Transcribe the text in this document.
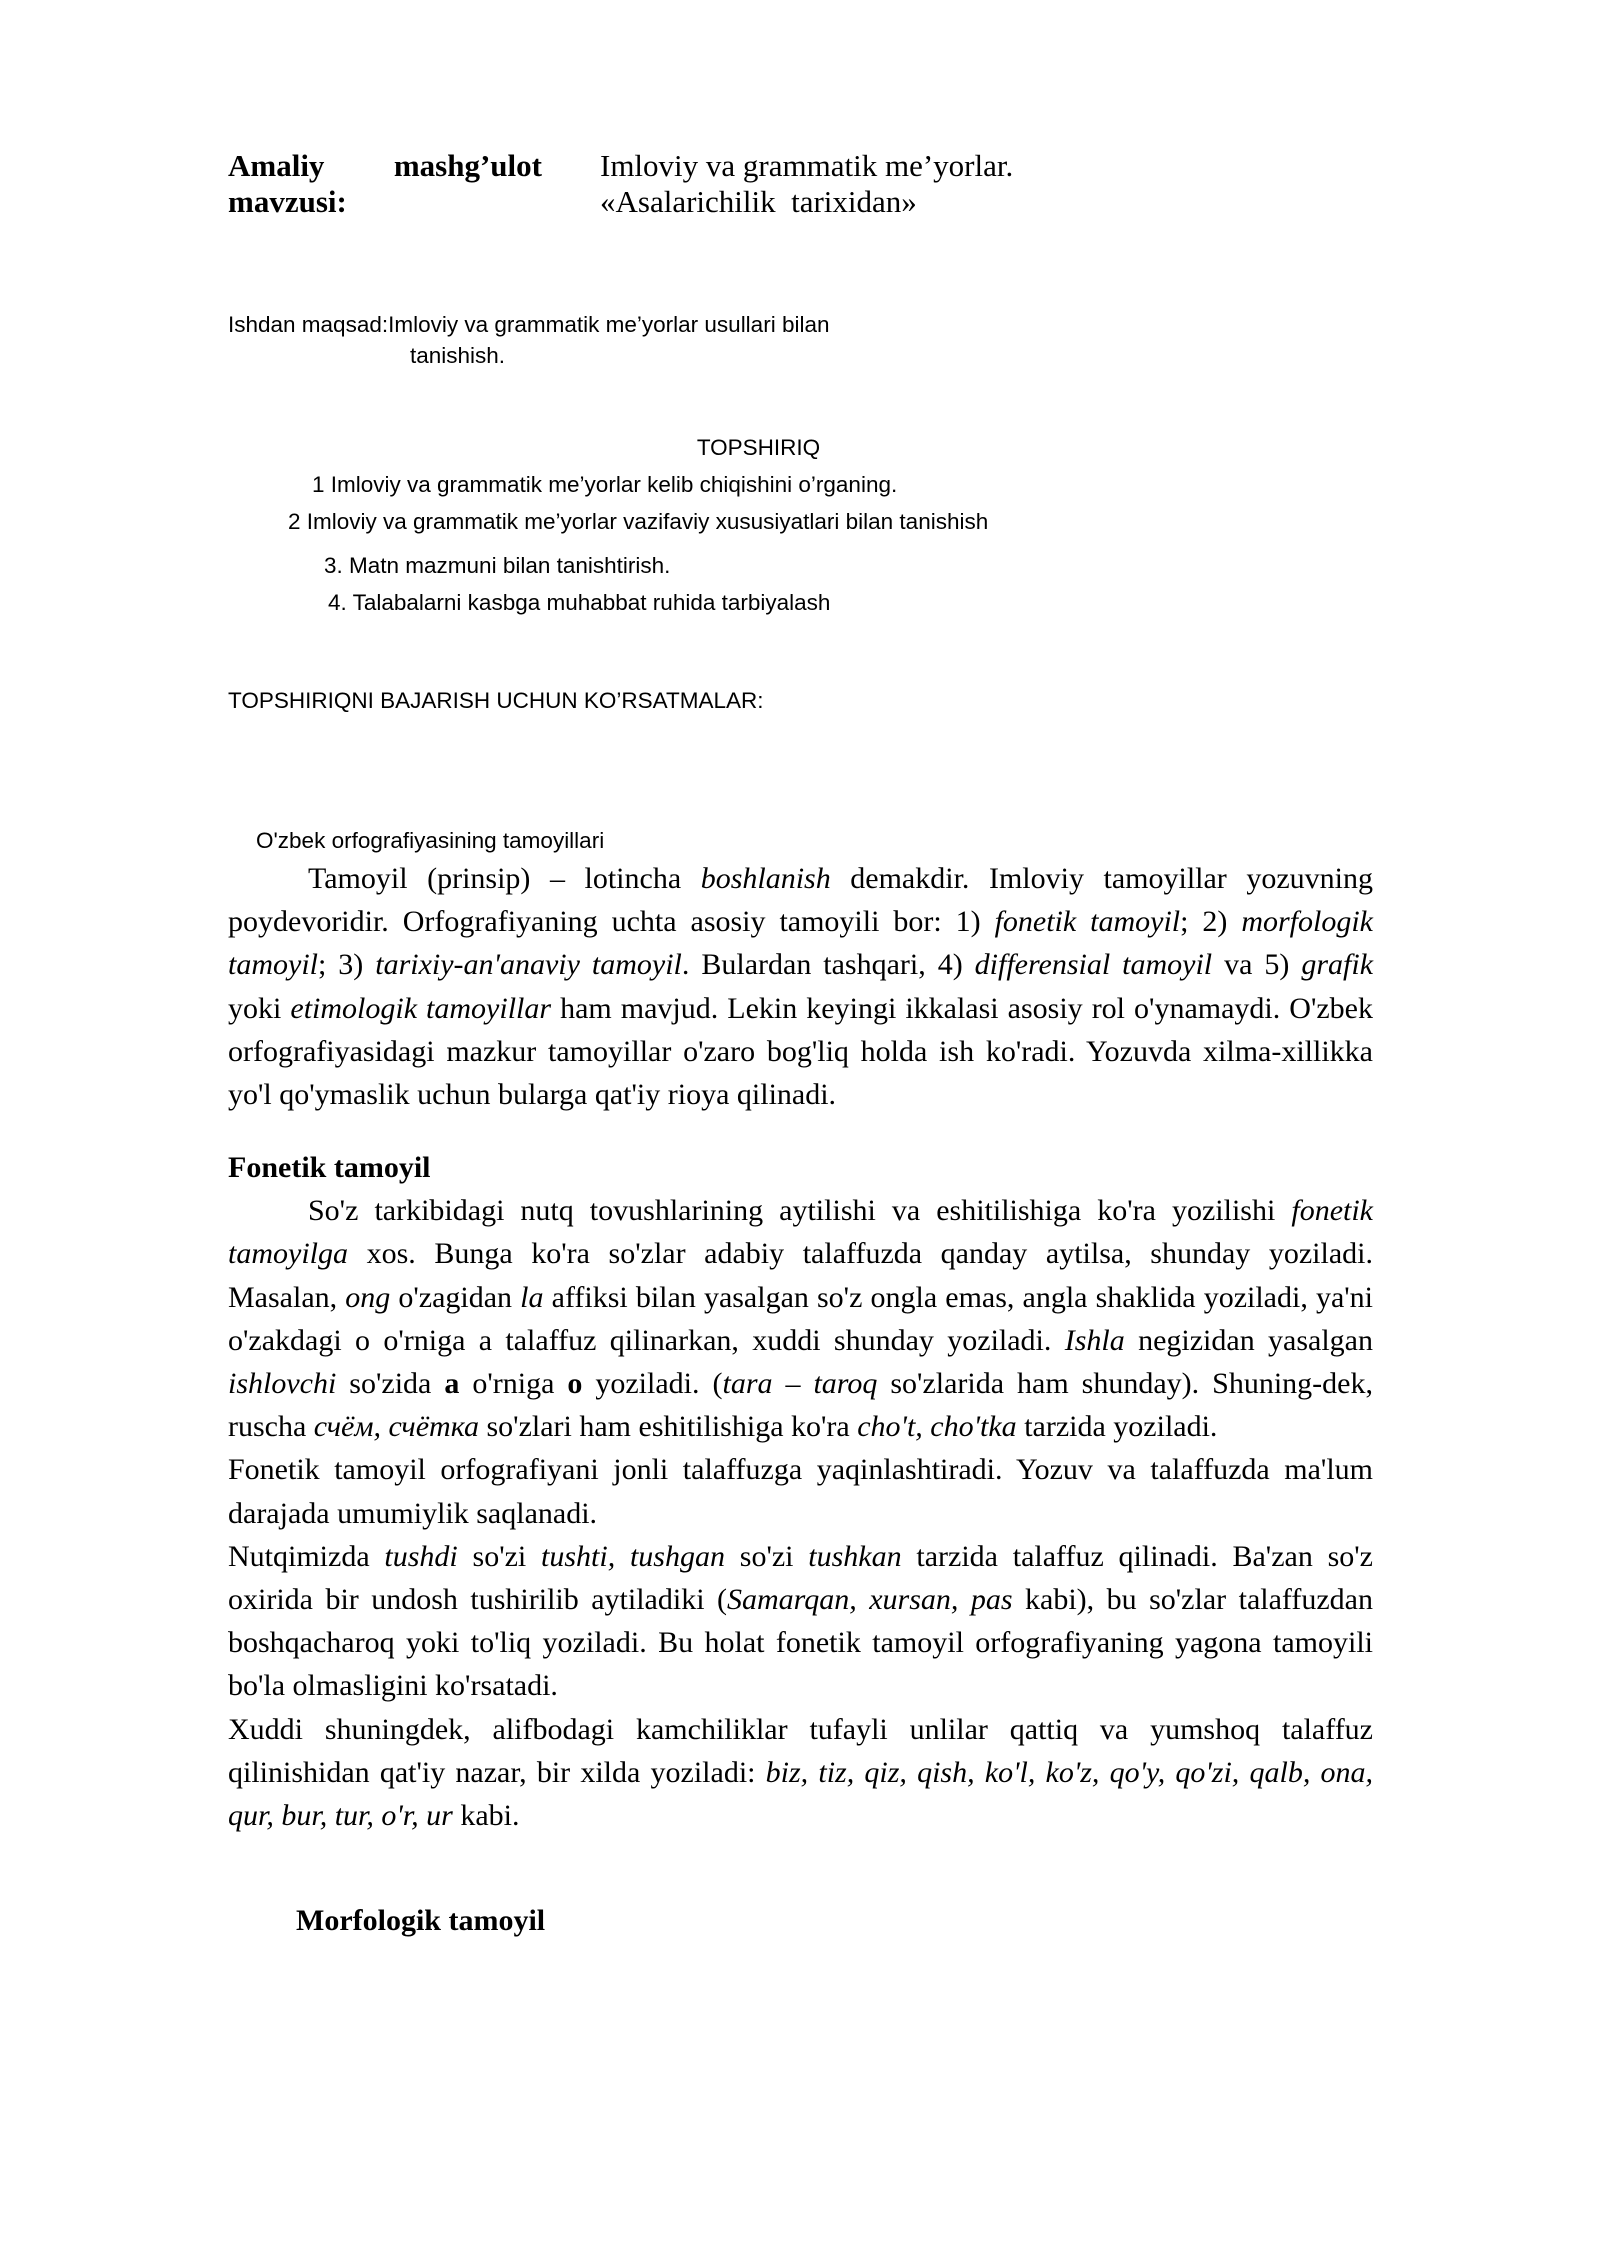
Amaliy mashg’ulot
mavzusi:
Imloviy va grammatik me’yorlar.
«Asalarichilik  tarixidan»
Ishdan maqsad:Imloviy va grammatik me’yorlar usullari bilan
tanishish.
TOPSHIRIQ
1 Imloviy va grammatik me’yorlar kelib chiqishini o’rganing.
2 Imloviy va grammatik me’yorlar vazifaviy xususiyatlari bilan tanishish
3. Matn mazmuni bilan tanishtirish.
4. Talabalarni kasbga muhabbat ruhida tarbiyalash
TOPSHIRIQNI BAJARISH UCHUN KO’RSATMALAR:
O'zbek orfografiyasining tamoyillari

Tamoyil (prinsip) – lotincha boshlanish demakdir. Imloviy tamoyillar yozuvning poydevoridir. Orfografiyaning uchta asosiy tamoyili bor: 1) fonetik tamoyil; 2) morfologik tamoyil; 3) tarixiy-an'anaviy tamoyil. Bulardan tashqari, 4) differensial tamoyil va 5) grafik yoki etimologik tamoyillar ham mavjud. Lekin keyingi ikkalasi asosiy rol o'ynamaydi. O'zbek orfografiyasidagi mazkur tamoyillar o'zaro bog'liq holda ish ko'radi. Yozuvda xilma-xillikka yo'l qo'ymaslik uchun bularga qat'iy rioya qilinadi.

Fonetik tamoyil

So'z tarkibidagi nutq tovushlarining aytilishi va eshitilishiga ko'ra yozilishi fonetik tamoyilga xos. Bunga ko'ra so'zlar adabiy talaffuzda qanday aytilsa, shunday yoziladi. Masalan, ong o'zagidan la affiksi bilan yasalgan so'z ongla emas, angla shaklida yoziladi, ya'ni o'zakdagi o o'rniga a talaffuz qilinarkan, xuddi shunday yoziladi. Ishla negizidan yasalgan ishlovchi so'zida a o'rniga o yoziladi. (tara – taroq so'zlarida ham shunday). Shuning-dek, ruscha счём, счётка so'zlari ham eshitilishiga ko'ra cho't, cho'tka tarzida yoziladi.

Fonetik tamoyil orfografiyani jonli talaffuzga yaqinlashtiradi. Yozuv va talaffuzda ma'lum darajada umumiylik saqlanadi.

Nutqimizda tushdi so'zi tushti, tushgan so'zi tushkan tarzida talaffuz qilinadi. Ba'zan so'z oxirida bir undosh tushirilib aytiladiki (Samarqan, xursan, pas kabi), bu so'zlar talaffuzdan boshqacharoq yoki to'liq yoziladi. Bu holat fonetik tamoyil orfografiyaning yagona tamoyili bo'la olmasligini ko'rsatadi.

Xuddi shuningdek, alifbodagi kamchiliklar tufayli unlilar qattiq va yumshoq talaffuz qilinishidan qat'iy nazar, bir xilda yoziladi: biz, tiz, qiz, qish, ko'l, ko'z, qo'y, qo'zi, qalb, ona, qur, bur, tur, o'r, ur kabi.

Morfologik tamoyil
